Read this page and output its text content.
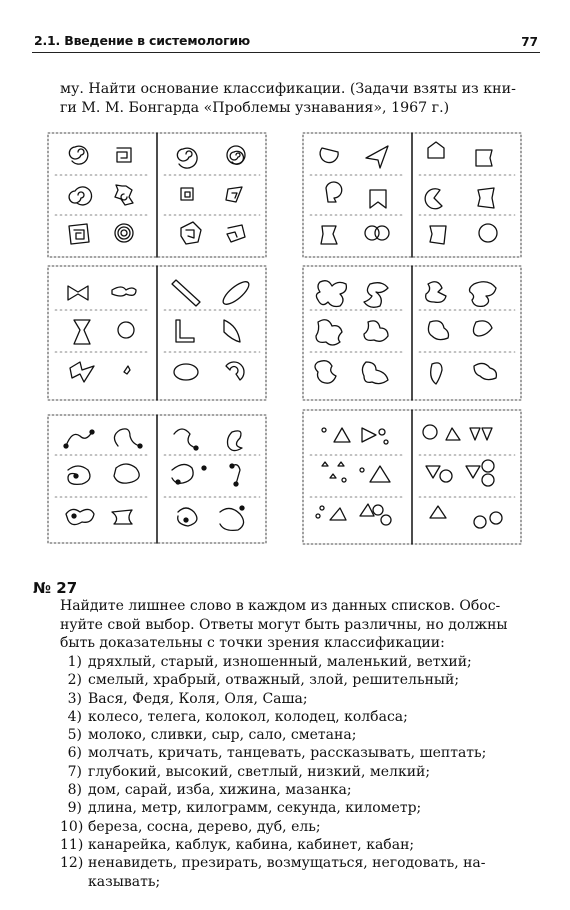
2.1. Введение в системологию	77
му. Найти основание классификации. (Задачи взяты из кни-
ги М. М. Бонгарда «Проблемы узнавания», 1967 г.)
№ 27
Найдите лишнее слово в каждом из данных списков. Обос-
нуйте свой выбор. Ответы могут быть различны, но должны
быть доказательны с точки зрения классификации:
1) дряхлый, старый, изношенный, маленький, ветхий;
2) смелый, храбрый, отважный, злой, решительный;
3) Вася, Федя, Коля, Оля, Саша;
4) колесо, телега, колокол, колодец, колбаса;
5) молоко, сливки, сыр, сало, сметана;
6) молчать, кричать, танцевать, рассказывать, шептать;
7) глубокий, высокий, светлый, низкий, мелкий;
8) дом, сарай, изба, хижина, мазанка;
9) длина, метр, килограмм, секунда, километр;
10) береза, сосна, дерево, дуб, ель;
11) канарейка, каблук, кабина, кабинет, кабан;
12) ненавидеть, презирать, возмущаться, негодовать, на-
казывать;
